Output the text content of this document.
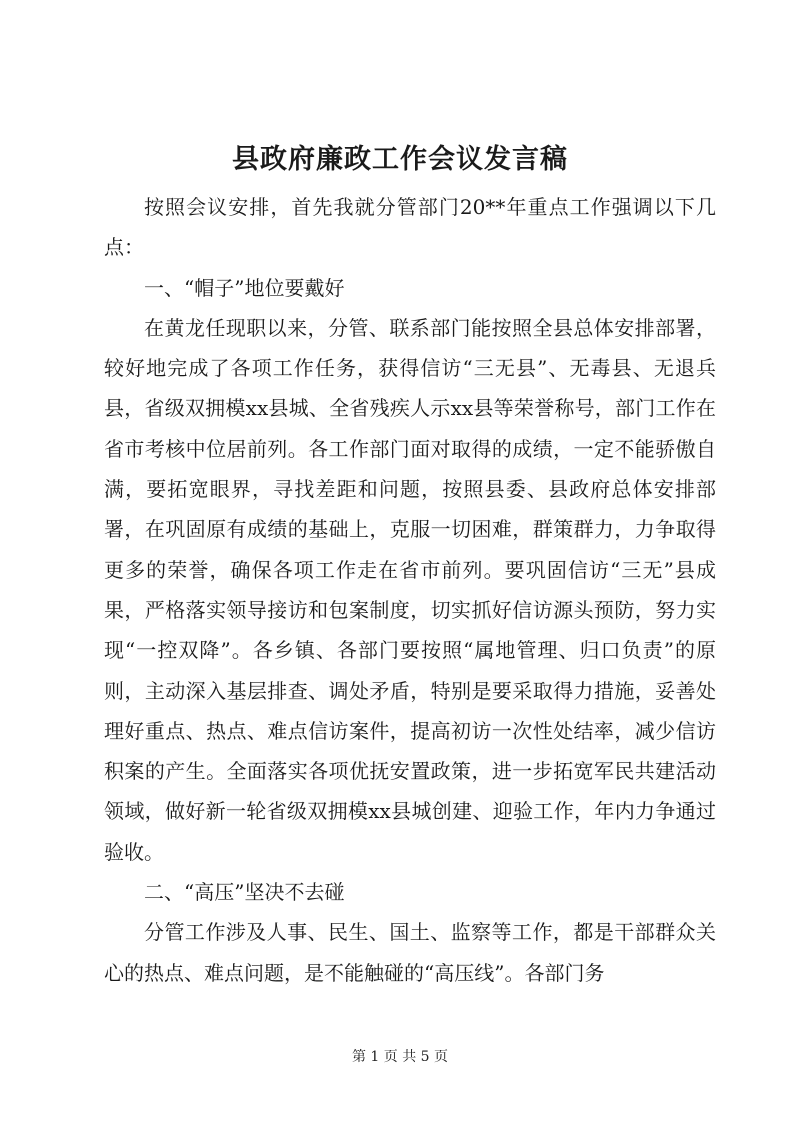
县政府廉政工作会议发言稿

按照会议安排，首先我就分管部门20**年重点工作强调以下几点：

一、“帽子”地位要戴好

在黄龙任现职以来，分管、联系部门能按照全县总体安排部署，较好地完成了各项工作任务，获得信访“三无县”、无毒县、无退兵县，省级双拥模xx县城、全省残疾人示xx县等荣誉称号，部门工作在省市考核中位居前列。各工作部门面对取得的成绩，一定不能骄傲自满，要拓宽眼界，寻找差距和问题，按照县委、县政府总体安排部署，在巩固原有成绩的基础上，克服一切困难，群策群力，力争取得更多的荣誉，确保各项工作走在省市前列。要巩固信访“三无”县成果，严格落实领导接访和包案制度，切实抓好信访源头预防，努力实现“一控双降”。各乡镇、各部门要按照“属地管理、归口负责”的原则，主动深入基层排查、调处矛盾，特别是要采取得力措施，妥善处理好重点、热点、难点信访案件，提高初访一次性处结率，减少信访积案的产生。全面落实各项优抚安置政策，进一步拓宽军民共建活动领域，做好新一轮省级双拥模xx县城创建、迎验工作，年内力争通过验收。

二、“高压”坚决不去碰

分管工作涉及人事、民生、国土、监察等工作，都是干部群众关心的热点、难点问题，是不能触碰的“高压线”。各部门务

第 1 页 共 5 页
